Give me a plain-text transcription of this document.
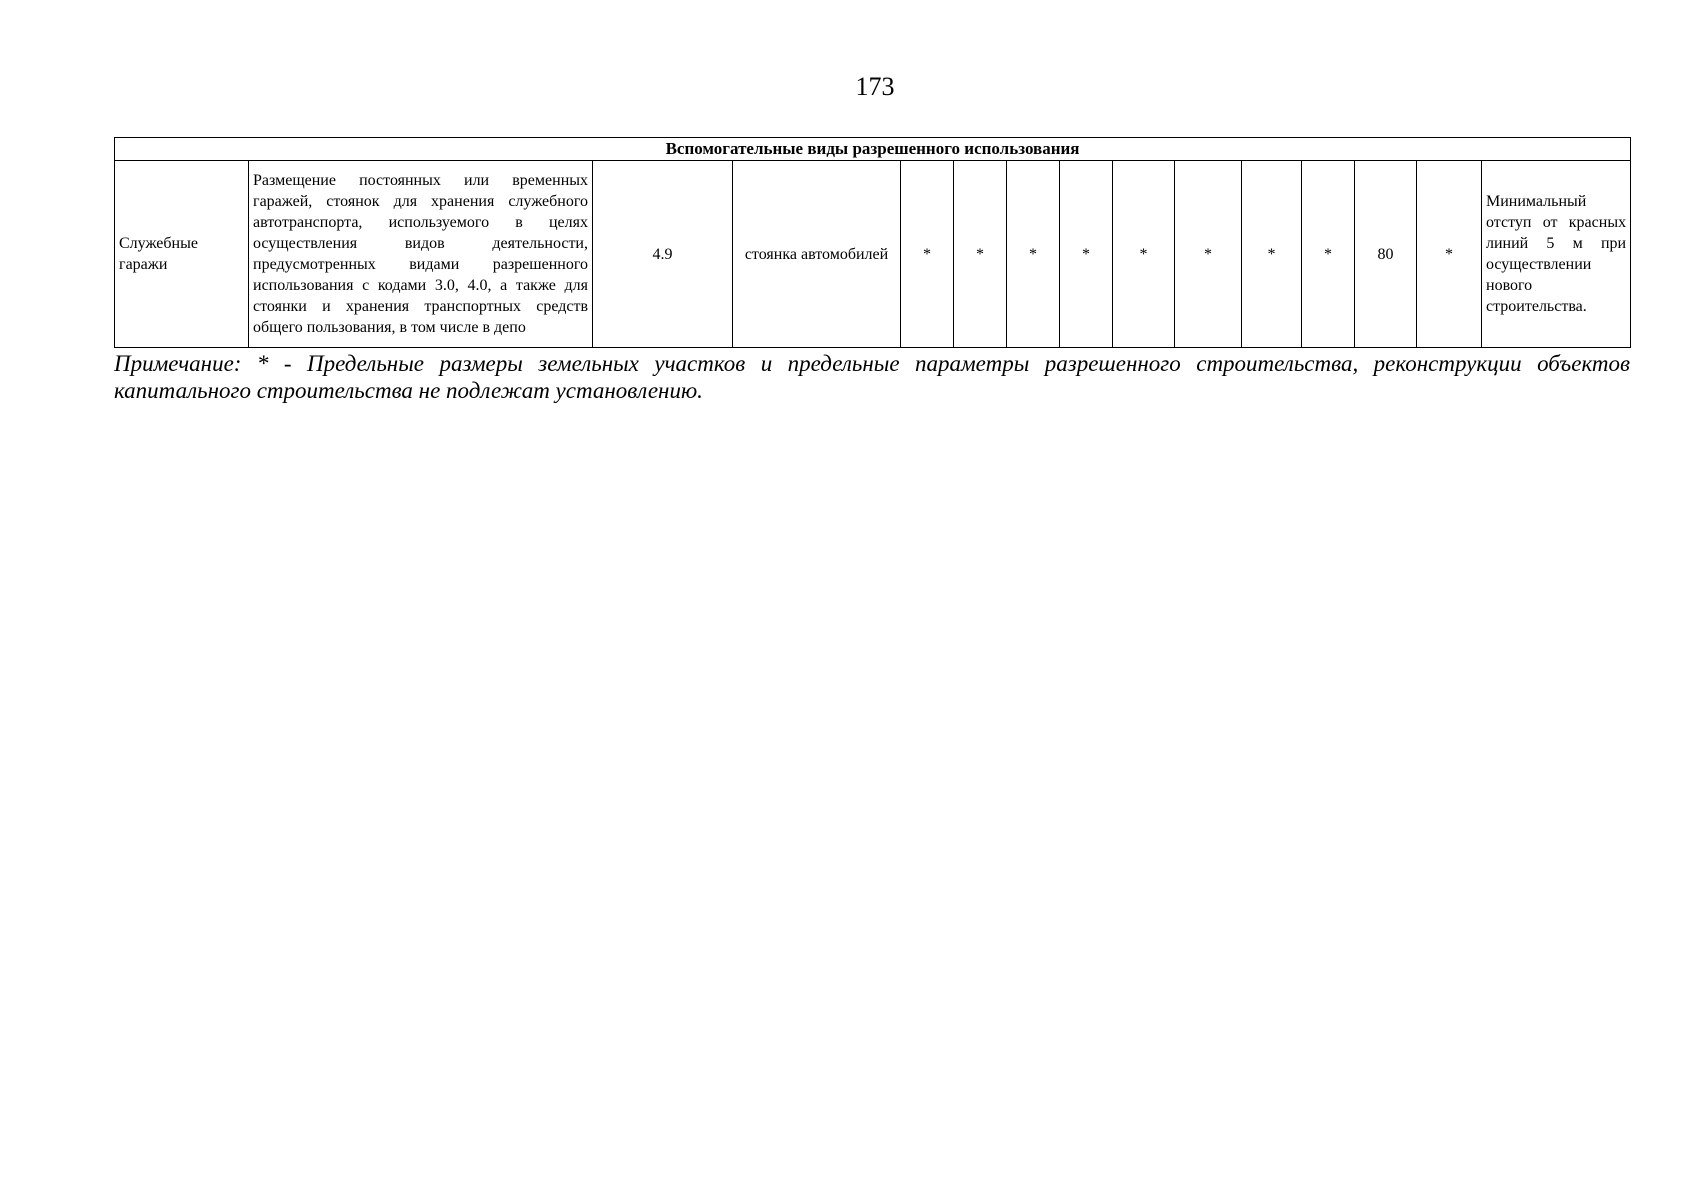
173
Вспомогательные виды разрешенного использования
Служебные гаражи	Размещение постоянных или временных гаражей, стоянок для хранения служебного автотранспорта, используемого в целях осуществления видов деятельности, предусмотренных видами разрешенного использования с кодами 3.0, 4.0, а также для стоянки и хранения транспортных средств общего пользования, в том числе в депо	4.9	стоянка автомобилей	*	*	*	*	*	*	*	*	80	*	Минимальный отступ от красных линий 5 м при осуществлении нового строительства.
Примечание: * - Предельные размеры земельных участков и предельные параметры разрешенного строительства, реконструкции объектов капитального строительства не подлежат установлению.
